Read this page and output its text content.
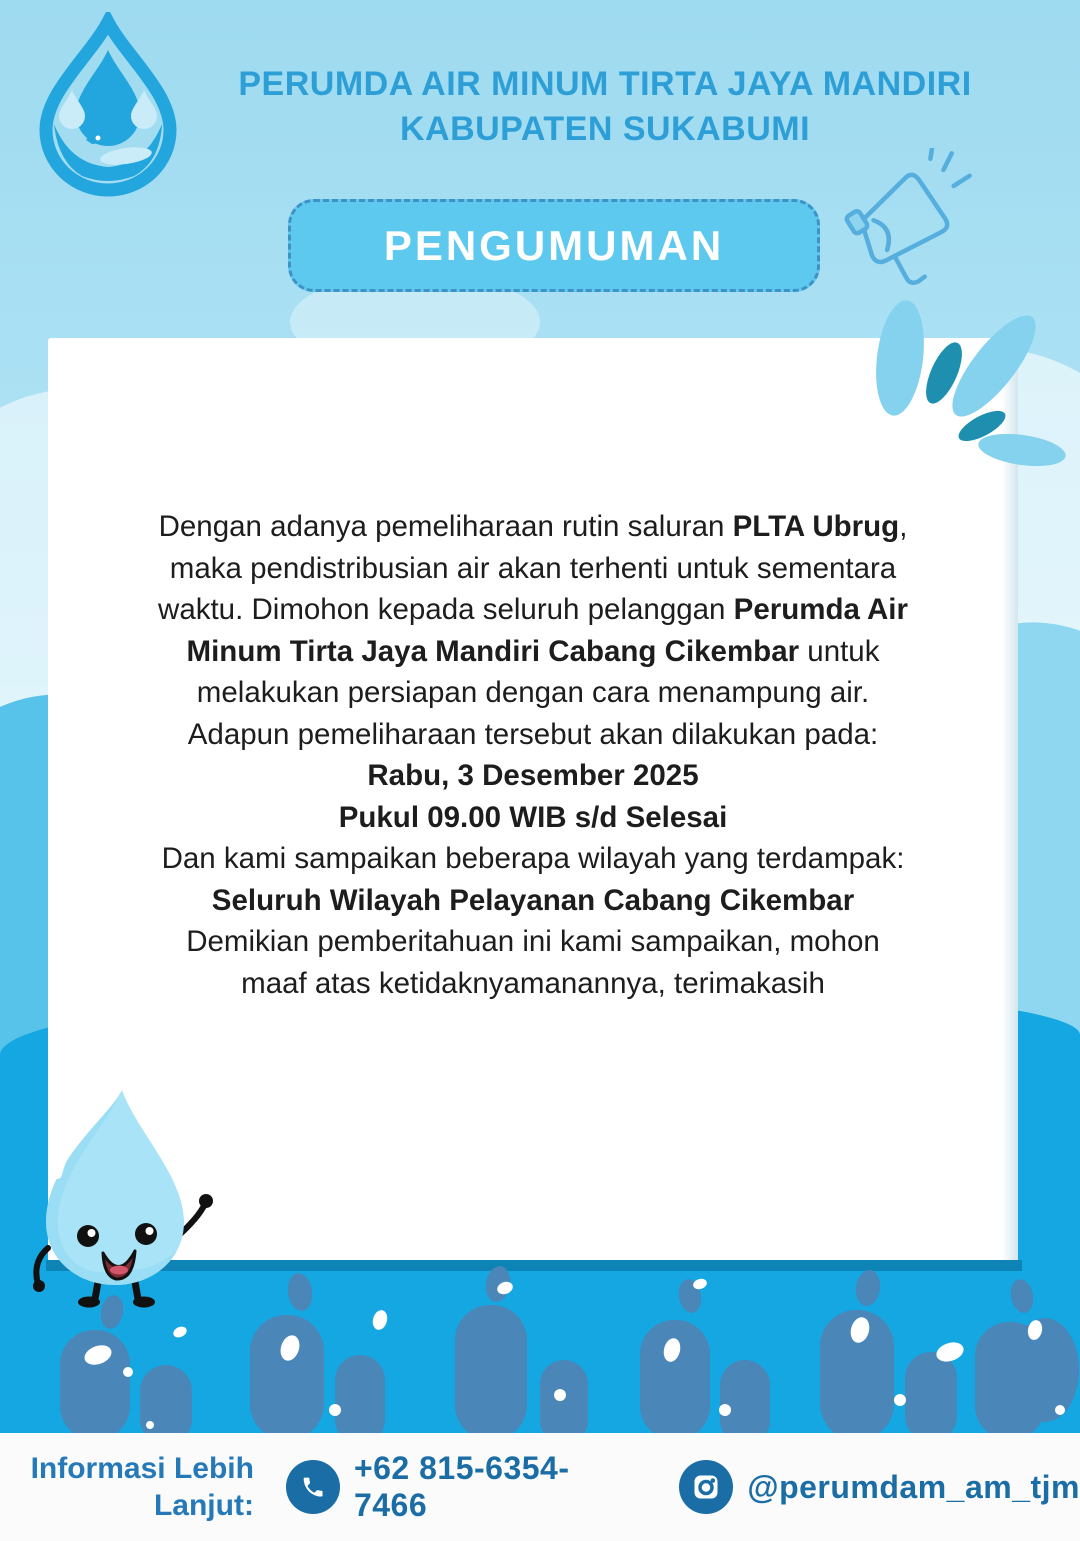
PERUMDA AIR MINUM TIRTA JAYA MANDIRI
KABUPATEN SUKABUMI
PENGUMUMAN
Dengan adanya pemeliharaan rutin saluran PLTA Ubrug,
maka pendistribusian air akan terhenti untuk sementara
waktu. Dimohon kepada seluruh pelanggan Perumda Air
Minum Tirta Jaya Mandiri Cabang Cikembar untuk
melakukan persiapan dengan cara menampung air.
Adapun pemeliharaan tersebut akan dilakukan pada:
Rabu, 3 Desember 2025
Pukul 09.00 WIB s/d Selesai
Dan kami sampaikan beberapa wilayah yang terdampak:
Seluruh Wilayah Pelayanan Cabang Cikembar
Demikian pemberitahuan ini kami sampaikan, mohon
maaf atas ketidaknyamanannya, terimakasih
Informasi Lebih
Lanjut:
+62 815-6354-7466
@perumdam_am_tjm
